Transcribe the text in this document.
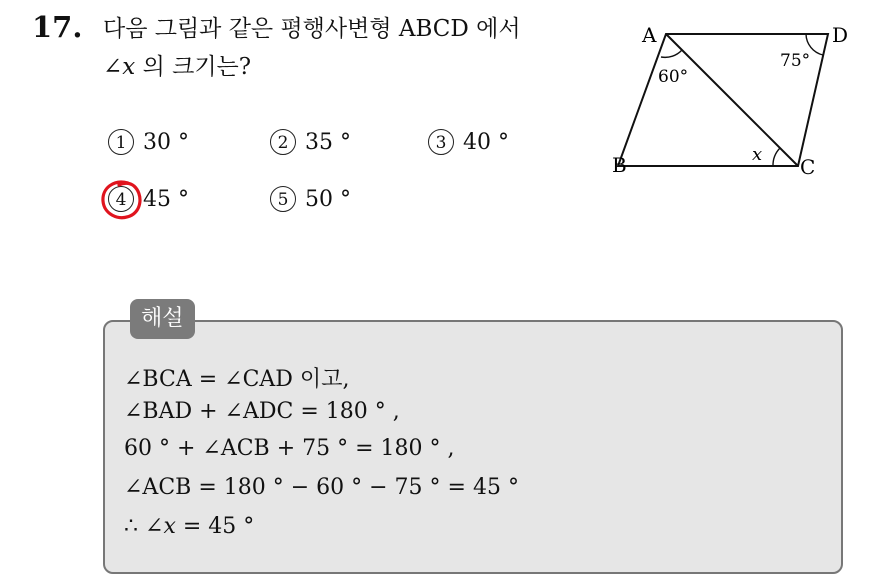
17. 다음 그림과 같은 평행사변형 ABCD 에서
∠x 의 크기는?
1 30 °	2 35 °	3 40 °
4 45 °	5 50 °
A	D
B	C
60°
75°
x
해설
∠BCA = ∠CAD 이고,
∠BAD + ∠ADC = 180 ° ,
60 ° + ∠ACB + 75 ° = 180 ° ,
∠ACB = 180 ° − 60 ° − 75 ° = 45 °
∴ ∠x = 45 °
